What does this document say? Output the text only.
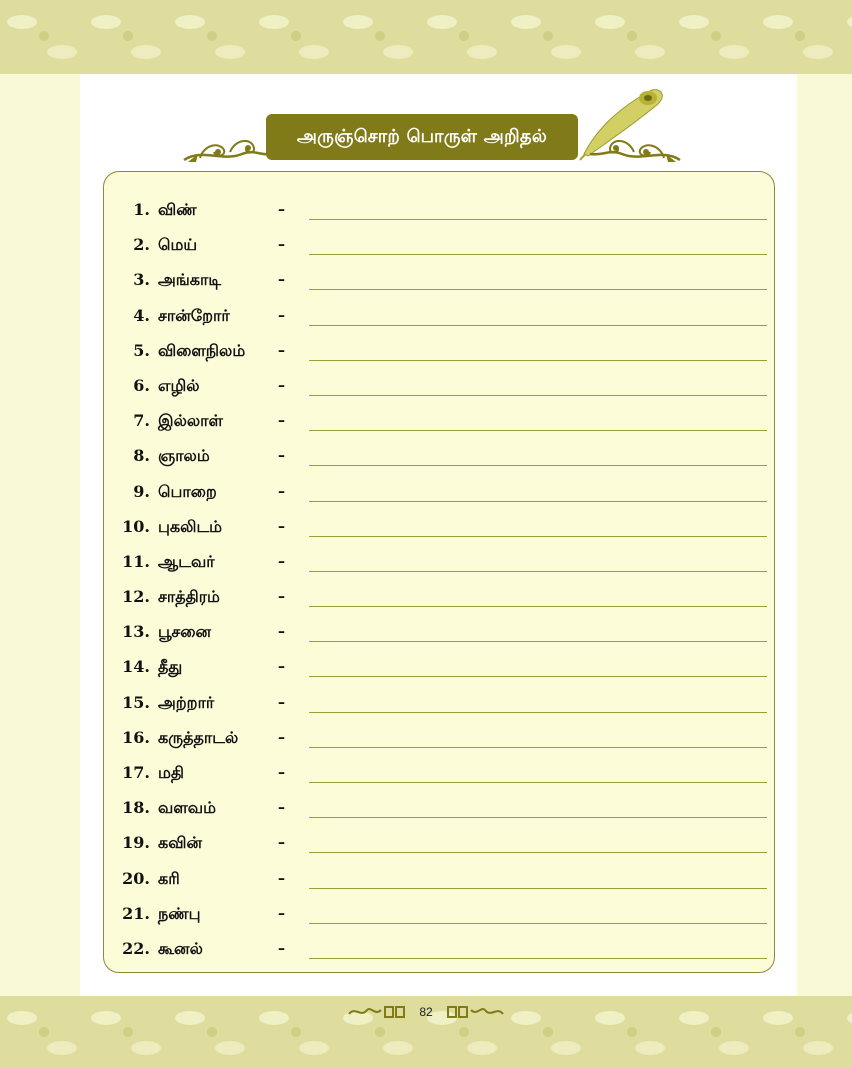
அருஞ்சொற் பொருள் அறிதல்
1. விண்	–
2. மெய்	–
3. அங்காடி	–
4. சான்றோர்	–
5. விளைநிலம் –
6. எழில்	–
7. இல்லாள்	–
8. ஞாலம்	–
9. பொறை	–
10. புகலிடம்	–
11. ஆடவர்	–
12. சாத்திரம்	–
13. பூசனை	–
14. தீது	–
15. அற்றார்	–
16. கருத்தாடல்	–
17. மதி	–
18. வளவம்	–
19. கவின்	–
20. கரி	–
21. நண்பு	–
22. கூனல்	–
82
